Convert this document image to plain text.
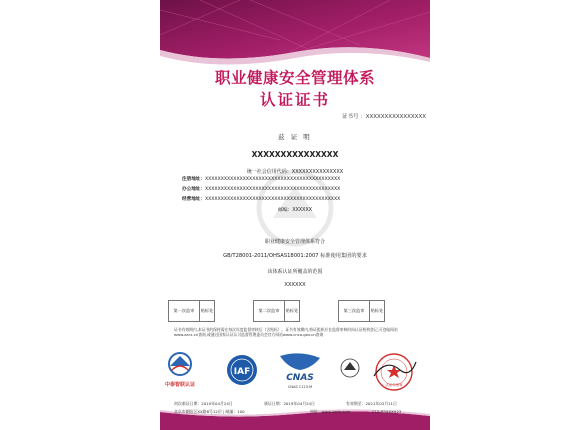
职业健康安全管理体系
认证证书
证书号 ：XXXXXXXXXXXXXXXX
兹 证 明
XXXXXXXXXXXXXXX
统一社会信用代码：XXXXXXXXXXXXXXX
注册地址：XXXXXXXXXXXXXXXXXXXXXXXXXXXXXXXXXXXXXXXXXXX
办公地址：XXXXXXXXXXXXXXXXXXXXXXXXXXXXXXXXXXXXXXXXXXX
经营地址：XXXXXXXXXXXXXXXXXXXXXXXXXXXXXXXXXXXXXXXXXXX
邮编：XXXXXX
职业健康安全管理体系符合
GB/T28001-2011/OHSAS18001:2007 标准使用集团的要求
该体系认证所覆盖的范围
XXXXXX
第一次监审	贴标处	第二次监审	贴标处	第三次监审	贴标处
证书有效期内,本证书的保持需在每次年度监督审核后（含贴标）。证书有效期内,持证组织应在监督审核时向认证机构登记,可登陆网站www.zzcx.cn查询,或通过国家认证认可监督管理委员会官方网站www.cnca.gov.cn查询
中泰智联认证
IAF
CNAS
CNAS C123-M	认证专用章
初次颁证日期：2019年04月24日	颁证日期：2019年04月24日	有效期至：2021年03月11日
北京市朝阳区XX路8号12层 | 邮编：100	网址：www.zzdo.com	010-85XXXX23
